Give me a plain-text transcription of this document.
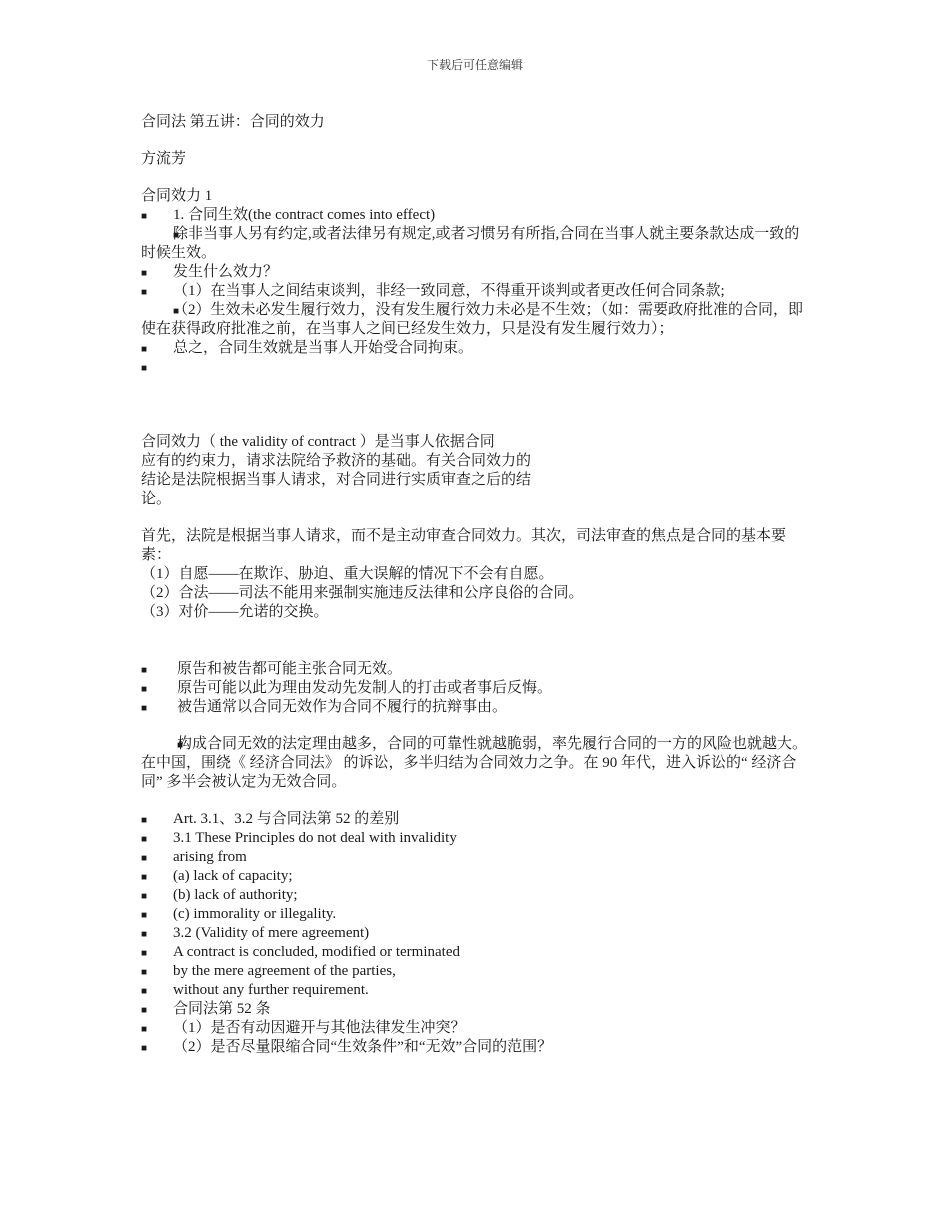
下载后可任意编辑

合同法 第五讲：合同的效力

方流芳

合同效力 1

■ 1. 合同生效(the contract comes into effect)

■ 除非当事人另有约定,或者法律另有规定,或者习惯另有所指,合同在当事人就主要条款达成一致的时候生效。

■ 发生什么效力？

■ （1）在当事人之间结束谈判，非经一致同意，不得重开谈判或者更改任何合同条款;

■ （2）生效未必发生履行效力，没有发生履行效力未必是不生效；（如：需要政府批准的合同，即使在获得政府批准之前，在当事人之间已经发生效力，只是没有发生履行效力）；

■ 总之，合同生效就是当事人开始受合同拘束。

■

合同效力（ the validity of contract ）是当事人依据合同

应有的约束力，请求法院给予救济的基础。有关合同效力的

结论是法院根据当事人请求，对合同进行实质审查之后的结

论。

首先，法院是根据当事人请求，而不是主动审查合同效力。其次，司法审查的焦点是合同的基本要素：

（1）自愿——在欺诈、胁迫、重大误解的情况下不会有自愿。

（2）合法——司法不能用来强制实施违反法律和公序良俗的合同。

（3）对价——允诺的交换。

■ 原告和被告都可能主张合同无效。

■ 原告可能以此为理由发动先发制人的打击或者事后反悔。

■ 被告通常以合同无效作为合同不履行的抗辩事由。

■ 构成合同无效的法定理由越多，合同的可靠性就越脆弱，率先履行合同的一方的风险也就越大。在中国，围绕《 经济合同法》 的诉讼，多半归结为合同效力之争。在 90 年代，进入诉讼的“ 经济合同” 多半会被认定为无效合同。

■ Art. 3.1、3.2 与合同法第 52 的差别

■ 3.1 These Principles do not deal with invalidity

■ arising from

■ (a) lack of capacity;

■ (b) lack of authority;

■ (c) immorality or illegality.

■ 3.2 (Validity of mere agreement)

■ A contract is concluded, modified or terminated

■ by the mere agreement of the parties,

■ without any further requirement.

■ 合同法第 52 条

■ （1）是否有动因避开与其他法律发生冲突？

■ （2）是否尽量限缩合同“生效条件”和“无效”合同的范围？
